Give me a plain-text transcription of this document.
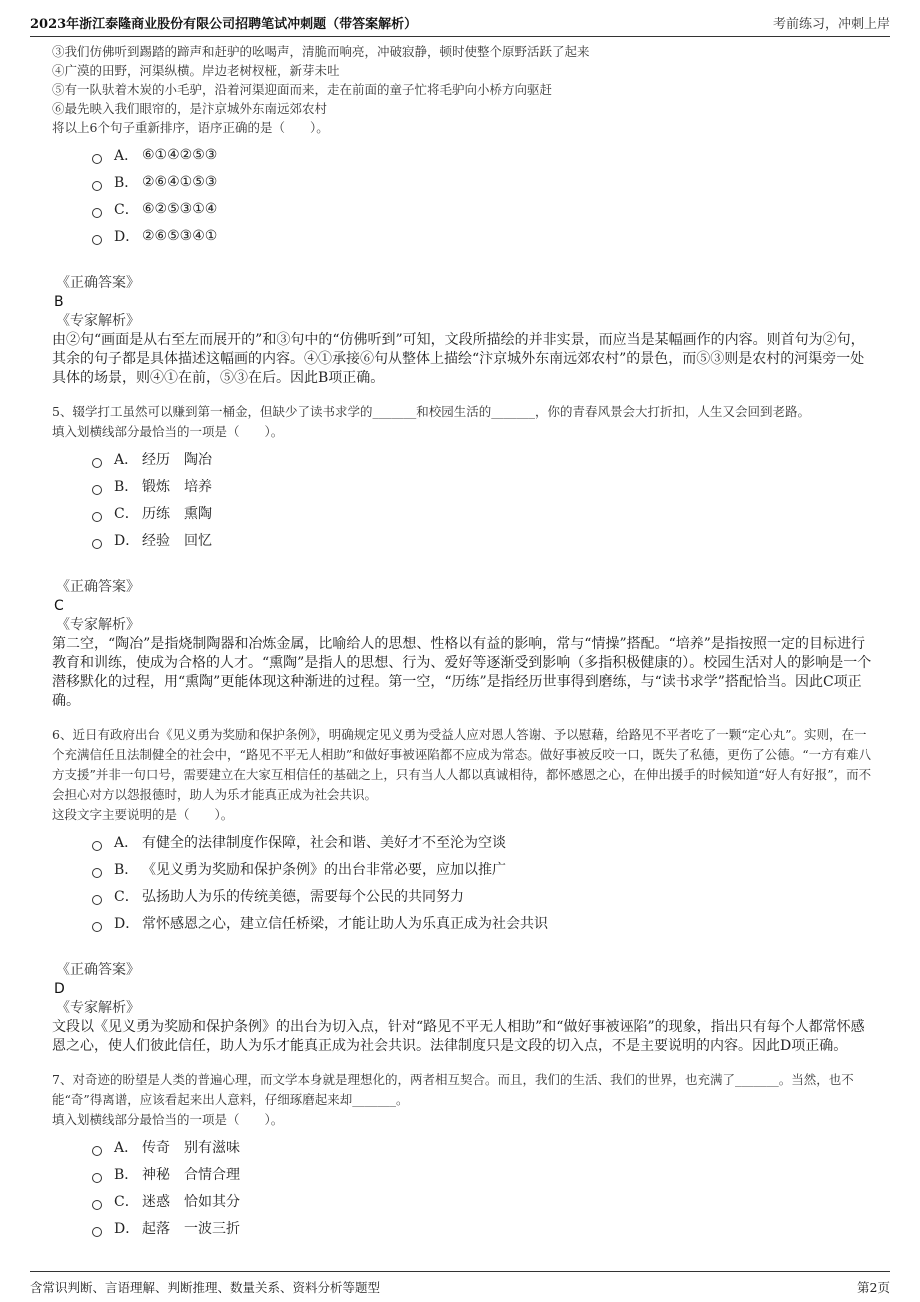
2023年浙江泰隆商业股份有限公司招聘笔试冲刺题（带答案解析）	考前练习，冲刺上岸
③我们仿佛听到踢踏的蹄声和赶驴的吆喝声，清脆而响亮，冲破寂静，顿时使整个原野活跃了起来
④广漠的田野，河渠纵横。岸边老树杈桠，新芽未吐
⑤有一队驮着木炭的小毛驴，沿着河渠迎面而来，走在前面的童子忙将毛驴向小桥方向驱赶
⑥最先映入我们眼帘的，是汴京城外东南远郊农村
将以上6个句子重新排序，语序正确的是（　　）。
A． ⑥①④②⑤③
B． ②⑥④①⑤③
C． ⑥②⑤③①④
D． ②⑥⑤③④①
《正确答案》
B
《专家解析》
由②句“画面是从右至左而展开的”和③句中的“仿佛听到”可知，文段所描绘的并非实景，而应当是某幅画作的内容。则首句为②句，其余的句子都是具体描述这幅画的内容。④①承接⑥句从整体上描绘“汴京城外东南远郊农村”的景色，而⑤③则是农村的河渠旁一处具体的场景，则④①在前，⑤③在后。因此B项正确。
5、辍学打工虽然可以赚到第一桶金，但缺少了读书求学的_______和校园生活的_______，你的青春风景会大打折扣，人生又会回到老路。
填入划横线部分最恰当的一项是（　　）。
A． 经历　陶冶
B． 锻炼　培养
C． 历练　熏陶
D． 经验　回忆
《正确答案》
C
《专家解析》
第二空，“陶冶”是指烧制陶器和冶炼金属，比喻给人的思想、性格以有益的影响，常与“情操”搭配。“培养”是指按照一定的目标进行教育和训练，使成为合格的人才。“熏陶”是指人的思想、行为、爱好等逐渐受到影响（多指积极健康的）。校园生活对人的影响是一个潜移默化的过程，用“熏陶”更能体现这种渐进的过程。第一空，“历练”是指经历世事得到磨练，与“读书求学”搭配恰当。因此C项正确。
6、近日有政府出台《见义勇为奖励和保护条例》，明确规定见义勇为受益人应对恩人答谢、予以慰藉，给路见不平者吃了一颗“定心丸”。实则，在一个充满信任且法制健全的社会中，“路见不平无人相助”和做好事被诬陷都不应成为常态。做好事被反咬一口，既失了私德，更伤了公德。“一方有难八方支援”并非一句口号，需要建立在大家互相信任的基础之上，只有当人人都以真诚相待，都怀感恩之心，在伸出援手的时候知道“好人有好报”，而不会担心对方以怨报德时，助人为乐才能真正成为社会共识。
这段文字主要说明的是（　　）。
A． 有健全的法律制度作保障，社会和谐、美好才不至沦为空谈
B． 《见义勇为奖励和保护条例》的出台非常必要，应加以推广
C． 弘扬助人为乐的传统美德，需要每个公民的共同努力
D． 常怀感恩之心，建立信任桥梁，才能让助人为乐真正成为社会共识
《正确答案》
D
《专家解析》
文段以《见义勇为奖励和保护条例》的出台为切入点，针对“路见不平无人相助”和“做好事被诬陷”的现象，指出只有每个人都常怀感恩之心，使人们彼此信任，助人为乐才能真正成为社会共识。法律制度只是文段的切入点，不是主要说明的内容。因此D项正确。
7、对奇迹的盼望是人类的普遍心理，而文学本身就是理想化的，两者相互契合。而且，我们的生活、我们的世界，也充满了_______。当然，也不能“奇”得离谱，应该看起来出人意料，仔细琢磨起来却_______。
填入划横线部分最恰当的一项是（　　）。
A． 传奇　别有滋味
B． 神秘　合情合理
C． 迷惑　恰如其分
D． 起落　一波三折
含常识判断、言语理解、判断推理、数量关系、资料分析等题型	第2页
